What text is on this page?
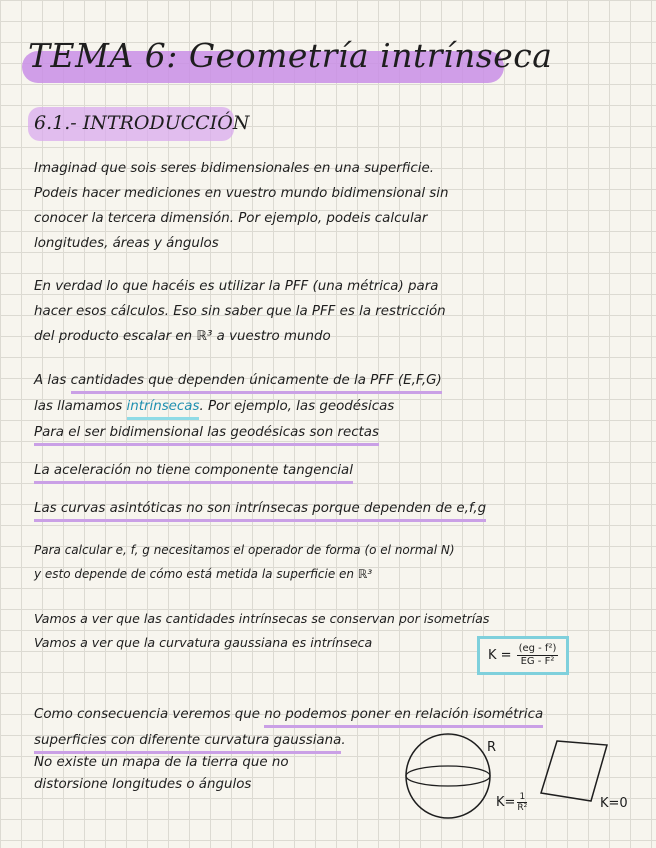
TEMA 6: Geometría intrínseca
6.1.- INTRODUCCIÓN
Imaginad que sois seres bidimensionales en una superficie.
Podeis hacer mediciones en vuestro mundo bidimensional sin
conocer la tercera dimensión. Por ejemplo, podeis calcular
longitudes, áreas y ángulos
En verdad lo que hacéis es utilizar la PFF (una métrica) para
hacer esos cálculos. Eso sin saber que la PFF es la restricción
del producto escalar en ℝ³ a vuestro mundo
A las cantidades que dependen únicamente de la PFF (E,F,G)
las llamamos intrínsecas. Por ejemplo, las geodésicas
Para el ser bidimensional las geodésicas son rectas
La aceleración no tiene componente tangencial
Las curvas asintóticas no son intrínsecas porque dependen de e,f,g
Para calcular e, f, g necesitamos el operador de forma (o el normal N)
y esto depende de cómo está metida la superficie en ℝ³
Vamos a ver que las cantidades intrínsecas se conservan por isometrías
Vamos a ver que la curvatura gaussiana es intrínseca
$K = \frac{\text{(eg - f²)}}{\text{EG - F²}}$
Como consecuencia veremos que no podemos poner en relación isométrica
superficies con diferente curvatura gaussiana.
No existe un mapa de la tierra que no
distorsione longitudes o ángulos
R
$K= \frac{1}{\text{R²}}$	K=0
